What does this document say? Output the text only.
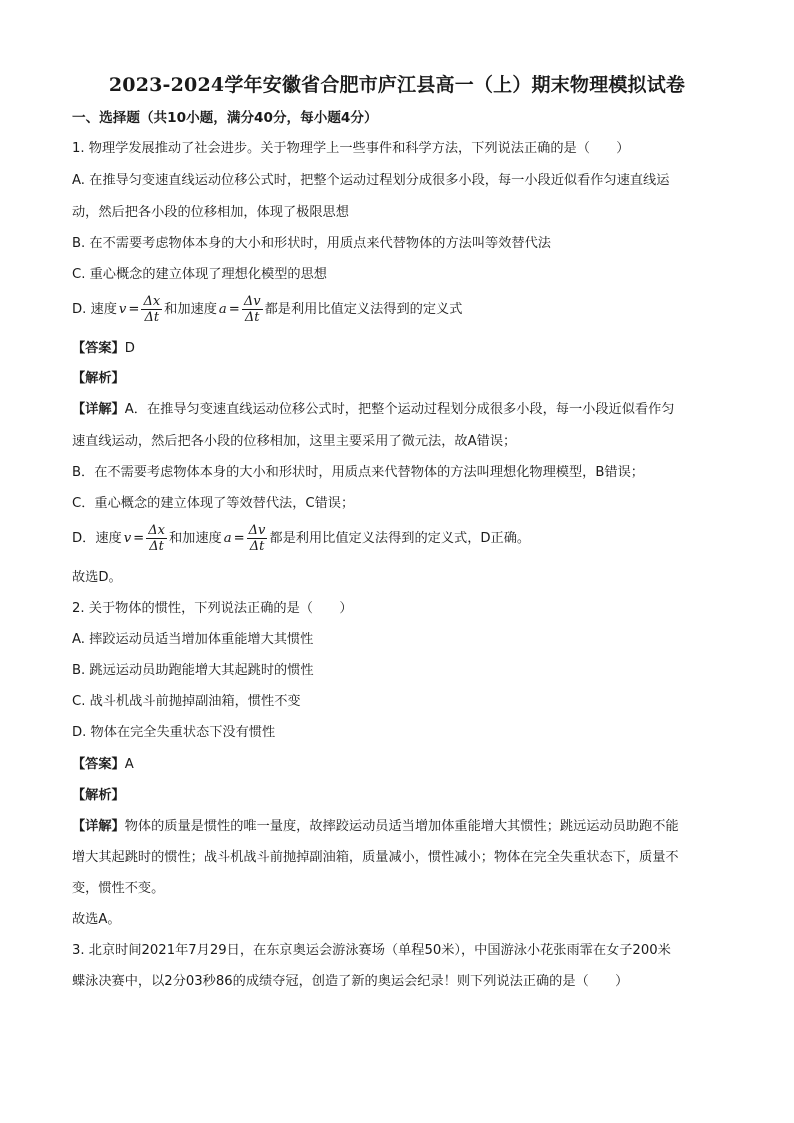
2023-2024学年安徽省合肥市庐江县高一（上）期末物理模拟试卷
一、选择题（共10小题，满分40分，每小题4分）
1. 物理学发展推动了社会进步。关于物理学上一些事件和科学方法，下列说法正确的是（　　）
A. 在推导匀变速直线运动位移公式时，把整个运动过程划分成很多小段，每一小段近似看作匀速直线运
动，然后把各小段的位移相加，体现了极限思想
B. 在不需要考虑物体本身的大小和形状时，用质点来代替物体的方法叫等效替代法
C. 重心概念的建立体现了理想化模型的思想
D. 速度 $v = \frac{\Delta x}{\Delta t}$ 和加速度 $a = \frac{\Delta v}{\Delta t}$ 都是利用比值定义法得到的定义式
【答案】D
【解析】
【详解】A．在推导匀变速直线运动位移公式时，把整个运动过程划分成很多小段，每一小段近似看作匀
速直线运动，然后把各小段的位移相加，这里主要采用了微元法，故A错误；
B．在不需要考虑物体本身的大小和形状时，用质点来代替物体的方法叫理想化物理模型，B错误；
C．重心概念的建立体现了等效替代法，C错误；
D．速度 $v = \frac{\Delta x}{\Delta t}$ 和加速度 $a = \frac{\Delta v}{\Delta t}$ 都是利用比值定义法得到的定义式，D正确。
故选D。
2. 关于物体的惯性，下列说法正确的是（　　）
A. 摔跤运动员适当增加体重能增大其惯性
B. 跳远运动员助跑能增大其起跳时的惯性
C. 战斗机战斗前抛掉副油箱，惯性不变
D. 物体在完全失重状态下没有惯性
【答案】A
【解析】
【详解】物体的质量是惯性的唯一量度，故摔跤运动员适当增加体重能增大其惯性；跳远运动员助跑不能
增大其起跳时的惯性；战斗机战斗前抛掉副油箱，质量减小，惯性减小；物体在完全失重状态下，质量不
变，惯性不变。
故选A。
3. 北京时间2021年7月29日，在东京奥运会游泳赛场（单程50米），中国游泳小花张雨霏在女子200米
蝶泳决赛中，以2分03秒86的成绩夺冠，创造了新的奥运会纪录！则下列说法正确的是（　　）
